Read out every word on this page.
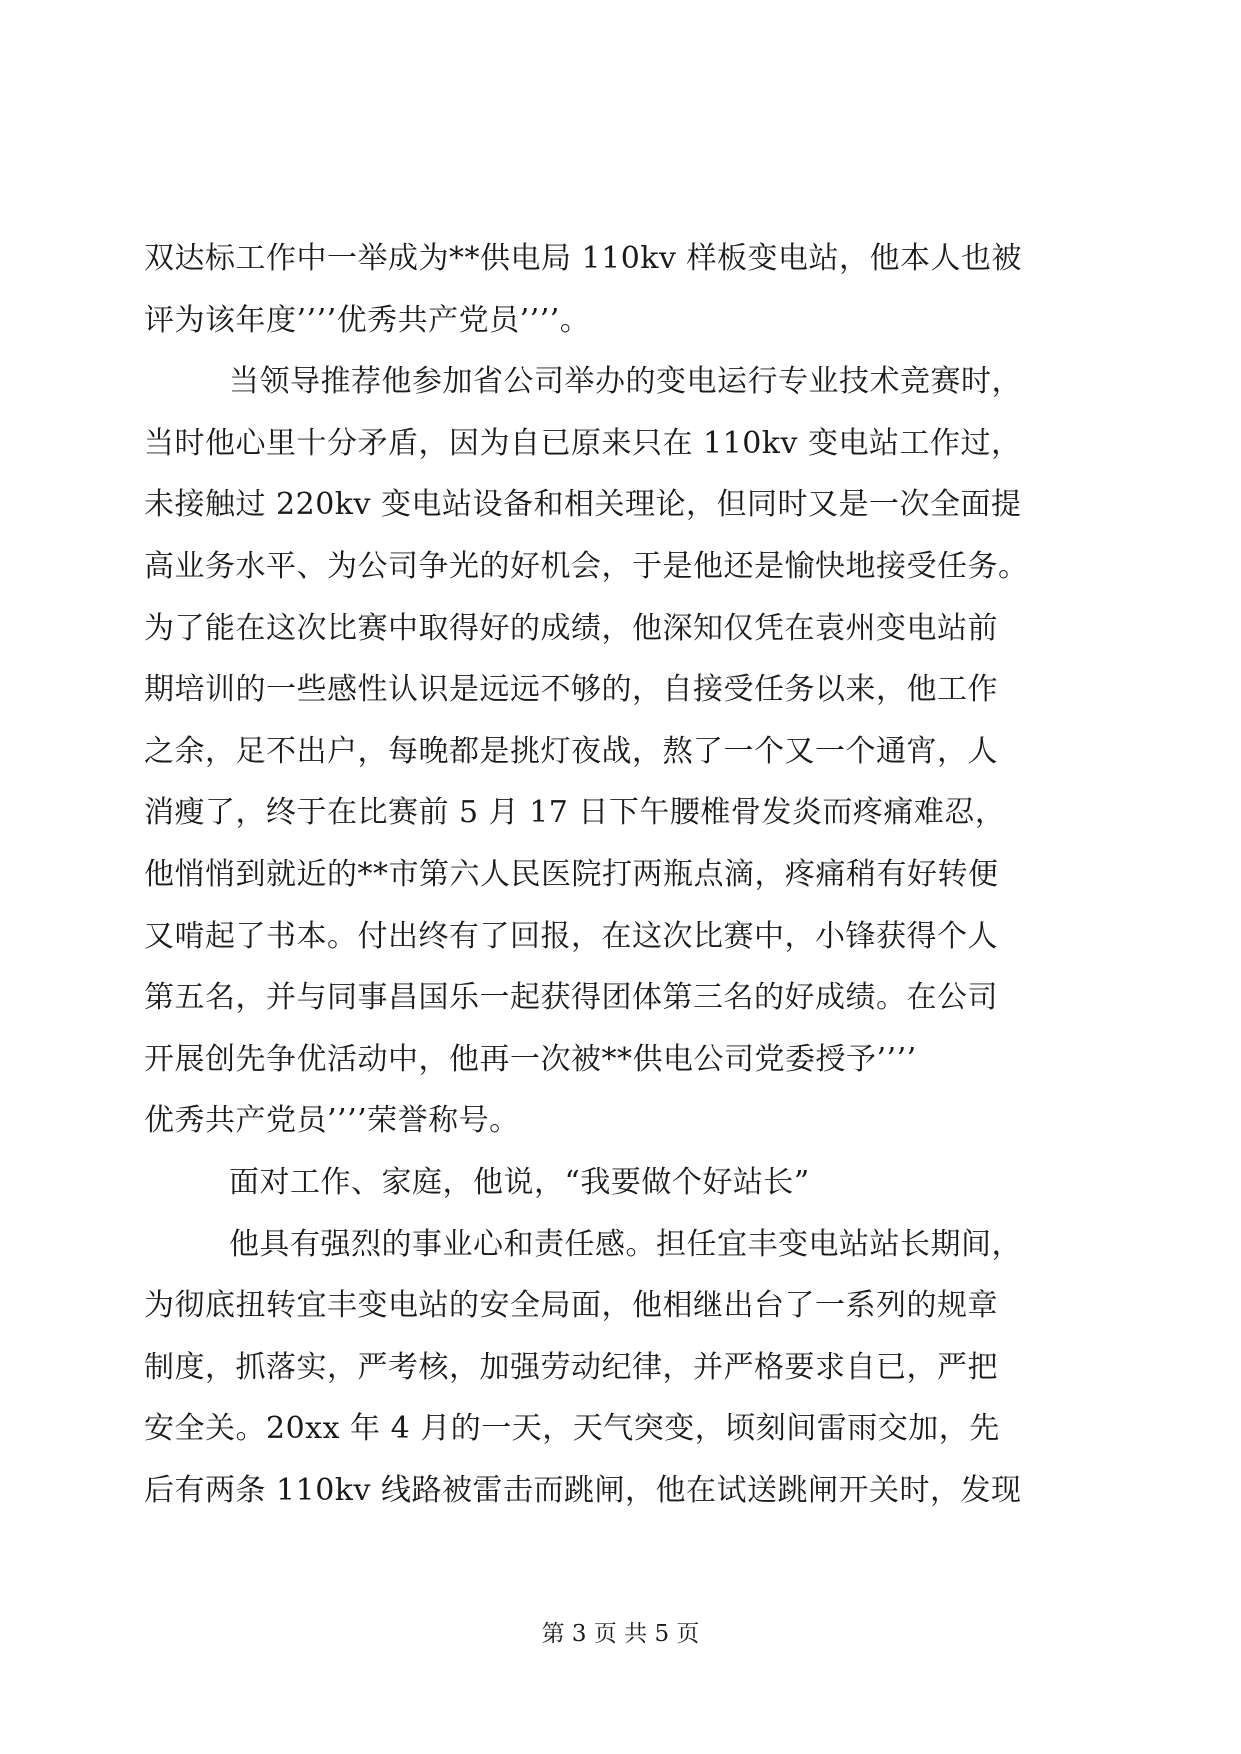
双达标工作中一举成为**供电局 110kv 样板变电站，他本人也被
评为该年度’’’’优秀共产党员’’’’。
当领导推荐他参加省公司举办的变电运行专业技术竞赛时，
当时他心里十分矛盾，因为自已原来只在 110kv 变电站工作过，
未接触过 220kv 变电站设备和相关理论，但同时又是一次全面提
高业务水平、为公司争光的好机会，于是他还是愉快地接受任务。
为了能在这次比赛中取得好的成绩，他深知仅凭在袁州变电站前
期培训的一些感性认识是远远不够的，自接受任务以来，他工作
之余，足不出户，每晚都是挑灯夜战，熬了一个又一个通宵，人
消瘦了，终于在比赛前 5 月 17 日下午腰椎骨发炎而疼痛难忍，
他悄悄到就近的**市第六人民医院打两瓶点滴，疼痛稍有好转便
又啃起了书本。付出终有了回报，在这次比赛中，小锋获得个人
第五名，并与同事昌国乐一起获得团体第三名的好成绩。在公司
开展创先争优活动中，他再一次被**供电公司党委授予’’’’
优秀共产党员’’’’荣誉称号。
面对工作、家庭，他说，“我要做个好站长”
他具有强烈的事业心和责任感。担任宜丰变电站站长期间，
为彻底扭转宜丰变电站的安全局面，他相继出台了一系列的规章
制度，抓落实，严考核，加强劳动纪律，并严格要求自已，严把
安全关。20xx 年 4 月的一天，天气突变，顷刻间雷雨交加，先
后有两条 110kv 线路被雷击而跳闸，他在试送跳闸开关时，发现
第 3 页 共 5 页
